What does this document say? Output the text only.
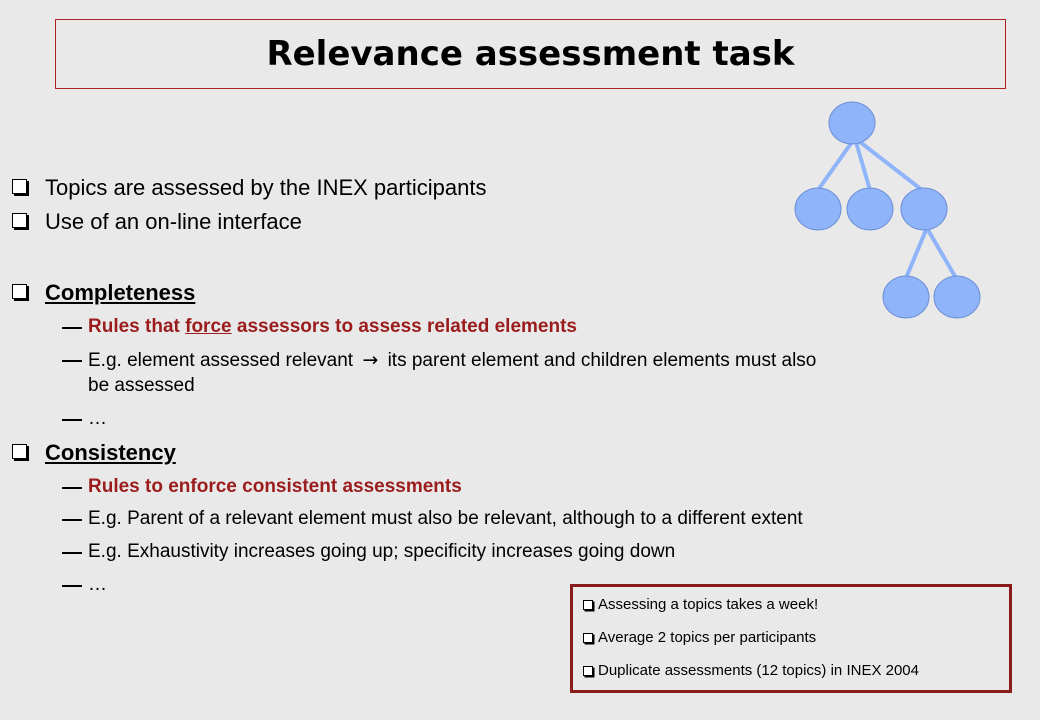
Relevance assessment task
Topics are assessed by the INEX participants
Use of an on-line interface
Completeness
Rules that force assessors to assess related elements
E.g. element assessed relevant → its parent element and children elements must also
be assessed
…
Consistency
Rules to enforce consistent assessments
E.g. Parent of a relevant element must also be relevant, although to a different extent
E.g. Exhaustivity increases going up; specificity increases going down
…
Assessing a topics takes a week!
Average 2 topics per participants
Duplicate assessments (12 topics) in INEX 2004
